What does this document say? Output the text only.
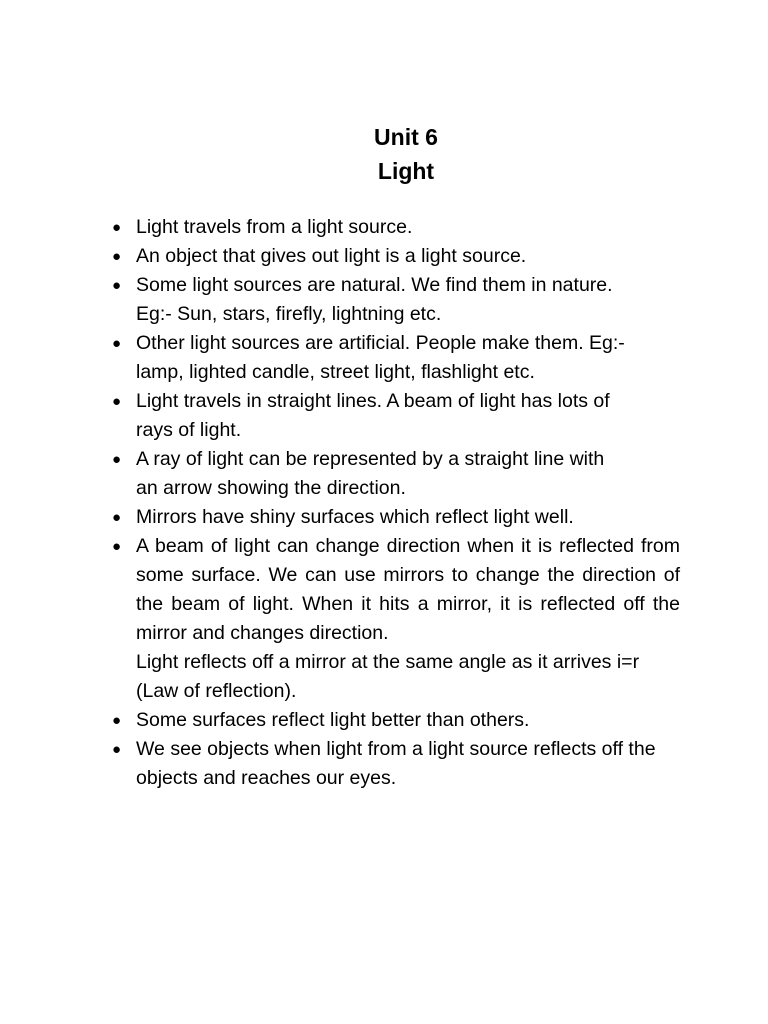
Unit 6
Light
● Light travels from a light source.
● An object that gives out light is a light source.
● Some light sources are natural. We find them in nature.
Eg:- Sun, stars, firefly, lightning etc.
● Other light sources are artificial. People make them. Eg:-
lamp, lighted candle, street light, flashlight etc.
● Light travels in straight lines. A beam of light has lots of
rays of light.
● A ray of light can be represented by a straight line with
an arrow showing the direction.
● Mirrors have shiny surfaces which reflect light well.
● A beam of light can change direction when it is reflected from some surface. We can use mirrors to change the direction of the beam of light. When it hits a mirror, it is reflected off the mirror and changes direction.
Light reflects off a mirror at the same angle as it arrives i=r (Law of reflection).
● Some surfaces reflect light better than others.
● We see objects when light from a light source reflects off the objects and reaches our eyes.
